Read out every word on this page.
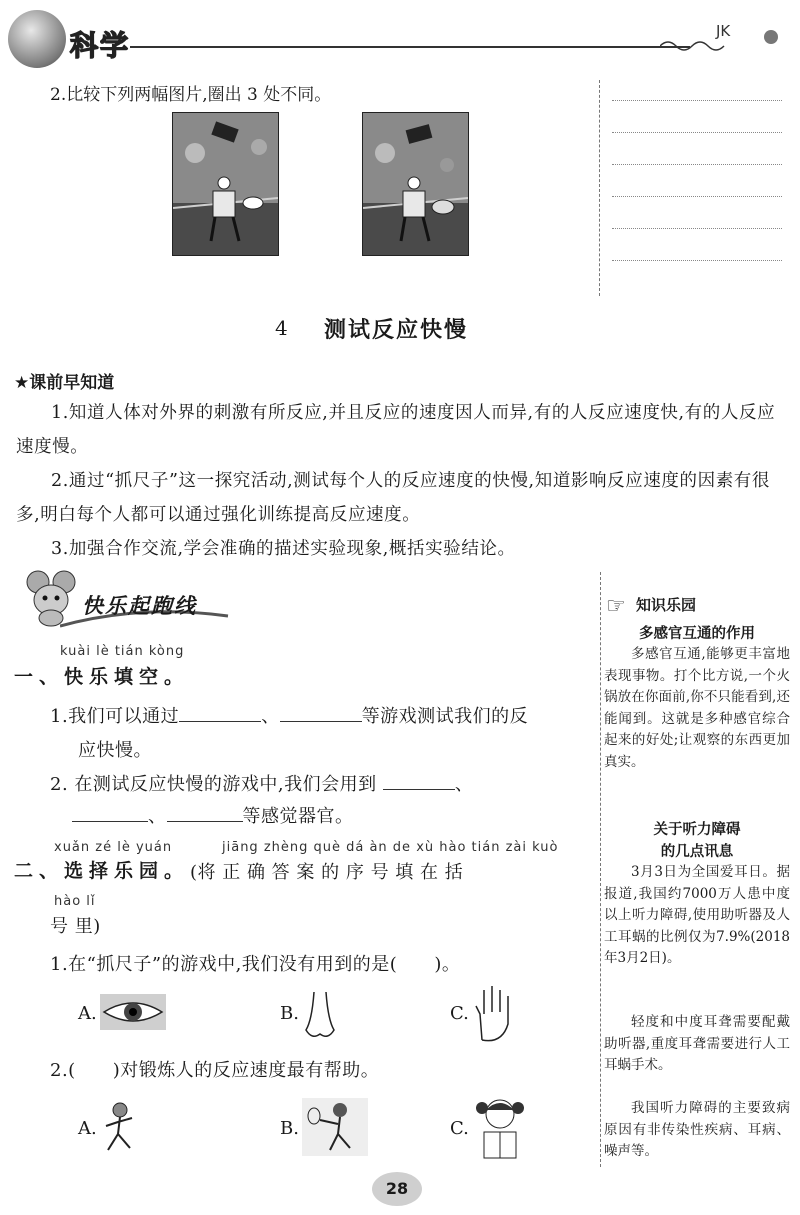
科学	JK
2.比较下列两幅图片,圈出 3 处不同。
4 测试反应快慢
★课前早知道
1.知道人体对外界的刺激有所反应,并且反应的速度因人而异,有的人反应速度快,有的人反应速度慢。
2.通过“抓尺子”这一探究活动,测试每个人的反应速度的快慢,知道影响反应速度的因素有很多,明白每个人都可以通过强化训练提高反应速度。
3.加强合作交流,学会准确的描述实验现象,概括实验结论。
快乐起跑线	☞ 知识乐园
多感官互通的作用
多感官互通,能够更丰富地表现事物。打个比方说,一个火锅放在你面前,你不只能看到,还能闻到。这就是多种感官综合起来的好处;让观察的东西更加真实。
关于听力障碍
的几点讯息
3月3日为全国爱耳日。据报道,我国约7000万人患中度以上听力障碍,使用助听器及人工耳蜗的比例仅为7.9%(2018年3月2日)。
轻度和中度耳聋需要配戴助听器,重度耳聋需要进行人工耳蜗手术。
我国听力障碍的主要致病原因有非传染性疾病、耳病、噪声等。
kuài lè tián kòng
一、快乐填空。
1.我们可以通过	、	等游戏测试我们的反
应快慢。
2. 在测试反应快慢的游戏中,我们会用到	、
、	等感觉器官。
xuǎn zé lè yuán	jiāng zhèng què dá àn de xù hào tián zài kuò
二、选择乐园。 (将 正 确 答 案 的 序 号 填 在 括
hào lǐ
号 里)
1.在“抓尺子”的游戏中,我们没有用到的是(　　)。
A.	B.	C.
2.(　　)对锻炼人的反应速度最有帮助。
A.	B.	C.
28
